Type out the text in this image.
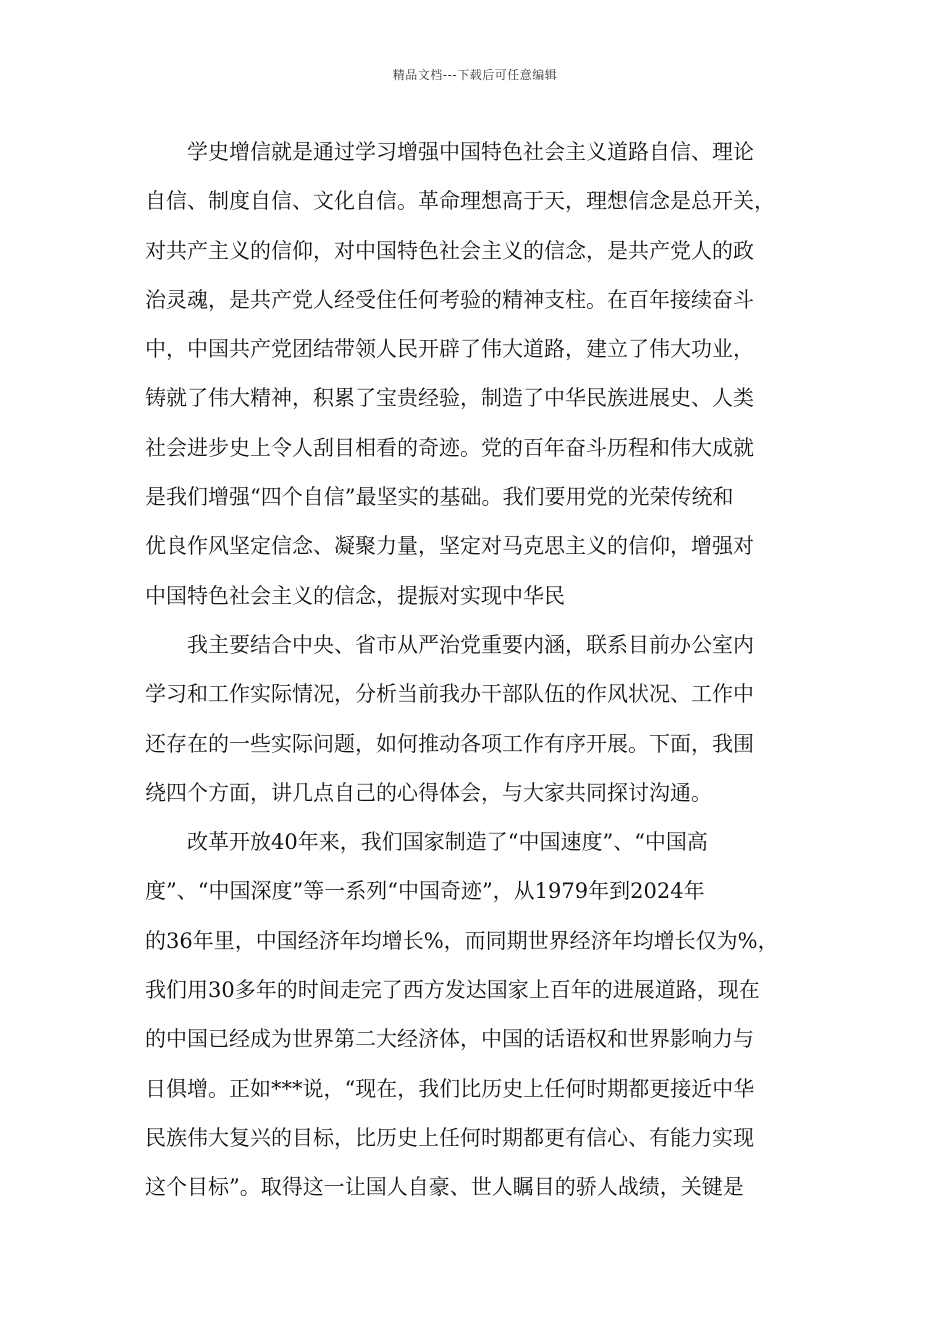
精品文档---下载后可任意编辑

学史增信就是通过学习增强中国特色社会主义道路自信、理论
自信、制度自信、文化自信。革命理想高于天，理想信念是总开关，
对共产主义的信仰，对中国特色社会主义的信念，是共产党人的政
治灵魂，是共产党人经受住任何考验的精神支柱。在百年接续奋斗
中，中国共产党团结带领人民开辟了伟大道路，建立了伟大功业，
铸就了伟大精神，积累了宝贵经验，制造了中华民族进展史、人类
社会进步史上令人刮目相看的奇迹。党的百年奋斗历程和伟大成就
是我们增强“四个自信”最坚实的基础。我们要用党的光荣传统和
优良作风坚定信念、凝聚力量，坚定对马克思主义的信仰，增强对
中国特色社会主义的信念，提振对实现中华民

我主要结合中央、省市从严治党重要内涵，联系目前办公室内
学习和工作实际情况，分析当前我办干部队伍的作风状况、工作中
还存在的一些实际问题，如何推动各项工作有序开展。下面，我围
绕四个方面，讲几点自己的心得体会，与大家共同探讨沟通。

改革开放40年来，我们国家制造了“中国速度”、“中国高
度”、“中国深度”等一系列“中国奇迹”，从1979年到2024年
的36年里，中国经济年均增长%，而同期世界经济年均增长仅为%，
我们用30多年的时间走完了西方发达国家上百年的进展道路，现在
的中国已经成为世界第二大经济体，中国的话语权和世界影响力与
日俱增。正如***说，“现在，我们比历史上任何时期都更接近中华
民族伟大复兴的目标，比历史上任何时期都更有信心、有能力实现
这个目标”。取得这一让国人自豪、世人瞩目的骄人战绩，关键是
